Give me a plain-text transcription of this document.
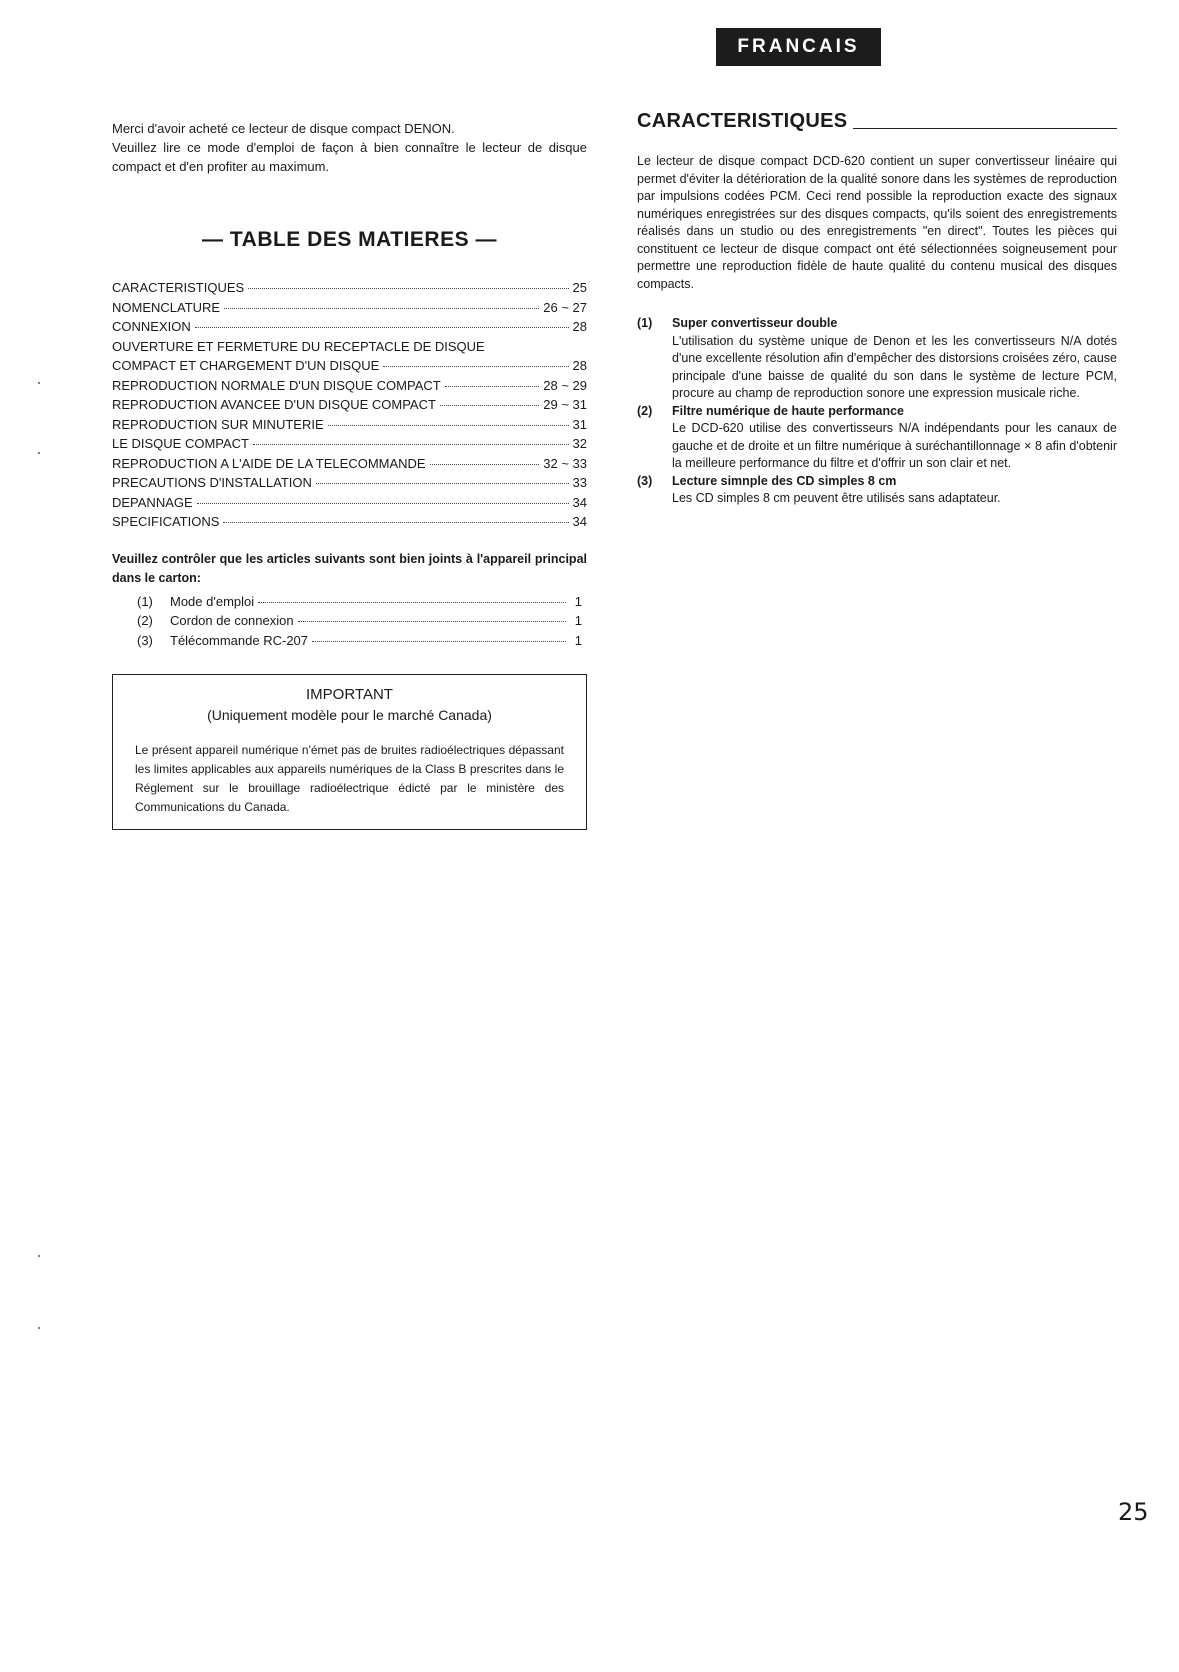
FRANCAIS

Merci d'avoir acheté ce lecteur de disque compact DENON.

Veuillez lire ce mode d'emploi de façon à bien connaître le lecteur de disque compact et d'en profiter au maximum.

— TABLE DES MATIERES —
CARACTERISTIQUES	25
NOMENCLATURE	26 ~ 27
CONNEXION	28
OUVERTURE ET FERMETURE DU RECEPTACLE DE DISQUE
COMPACT ET CHARGEMENT D'UN DISQUE	28
REPRODUCTION NORMALE D'UN DISQUE COMPACT	28 ~ 29
REPRODUCTION AVANCEE D'UN DISQUE COMPACT	29 ~ 31
REPRODUCTION SUR MINUTERIE	31
LE DISQUE COMPACT	32
REPRODUCTION A L'AIDE DE LA TELECOMMANDE	32 ~ 33
PRECAUTIONS D'INSTALLATION	33
DEPANNAGE	34
SPECIFICATIONS	34
Veuillez contrôler que les articles suivants sont bien joints à l'appareil principal dans le carton:
(1)	Mode d'emploi	1
(2)	Cordon de connexion	1
(3)	Télécommande RC-207	1
IMPORTANT
(Uniquement modèle pour le marché Canada)

Le présent appareil numérique n'émet pas de bruites radioélectriques dépassant les limites applicables aux appareils numériques de la Class B prescrites dans le Réglement sur le brouillage radioélectrique édicté par le ministère des Communications du Canada.

CARACTERISTIQUES

Le lecteur de disque compact DCD-620 contient un super convertisseur linéaire qui permet d'éviter la détérioration de la qualité sonore dans les systèmes de reproduction par impulsions codées PCM. Ceci rend possible la reproduction exacte des signaux numériques enregistrées sur des disques compacts, qu'ils soient des enregistrements réalisés dans un studio ou des enregistrements "en direct". Toutes les pièces qui constituent ce lecteur de disque compact ont été sélectionnées soigneusement pour permettre une reproduction fidèle de haute qualité du contenu musical des disques compacts.

(1)	Super convertisseur double

L'utilisation du système unique de Denon et les les convertisseurs N/A dotés d'une excellente résolution afin d'empêcher des distorsions croisées zéro, cause principale d'une baisse de qualité du son dans le système de lecture PCM, procure au champ de reproduction sonore une expression musicale riche.

(2)	Filtre numérique de haute performance

Le DCD-620 utilise des convertisseurs N/A indépendants pour les canaux de gauche et de droite et un filtre numérique à suréchantillonnage × 8 afin d'obtenir la meilleure performance du filtre et d'offrir un son clair et net.

(3)	Lecture simnple des CD simples 8 cm

Les CD simples 8 cm peuvent être utilisés sans adaptateur.

25
